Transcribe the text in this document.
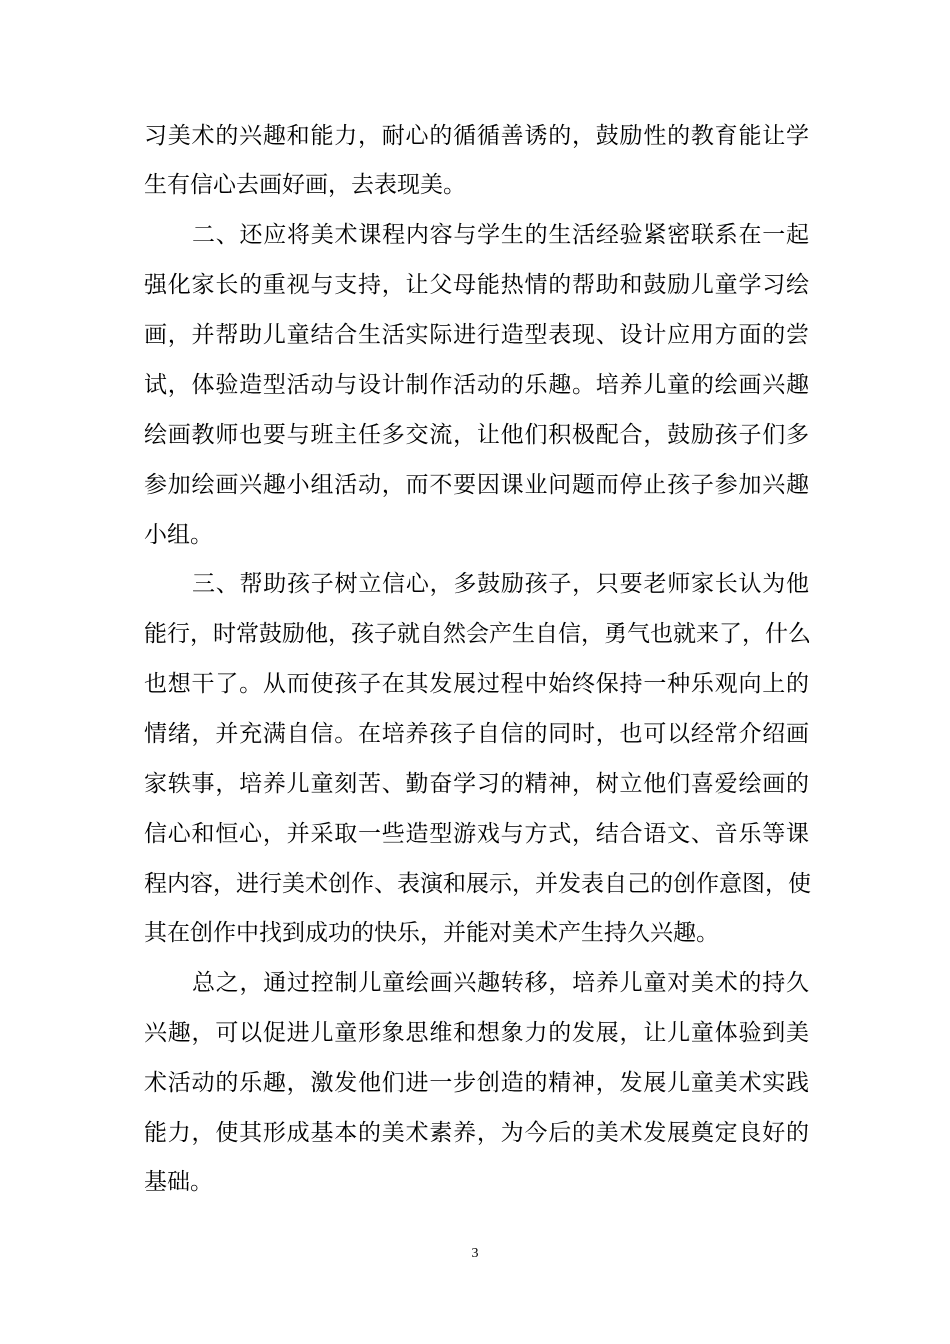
习美术的兴趣和能力，耐心的循循善诱的，鼓励性的教育能让学
生有信心去画好画，去表现美。
二、还应将美术课程内容与学生的生活经验紧密联系在一起
强化家长的重视与支持，让父母能热情的帮助和鼓励儿童学习绘
画，并帮助儿童结合生活实际进行造型表现、设计应用方面的尝
试，体验造型活动与设计制作活动的乐趣。培养儿童的绘画兴趣
绘画教师也要与班主任多交流，让他们积极配合，鼓励孩子们多
参加绘画兴趣小组活动，而不要因课业问题而停止孩子参加兴趣
小组。
三、帮助孩子树立信心，多鼓励孩子，只要老师家长认为他
能行，时常鼓励他，孩子就自然会产生自信，勇气也就来了，什么
也想干了。从而使孩子在其发展过程中始终保持一种乐观向上的
情绪，并充满自信。在培养孩子自信的同时，也可以经常介绍画
家轶事，培养儿童刻苦、勤奋学习的精神，树立他们喜爱绘画的
信心和恒心，并采取一些造型游戏与方式，结合语文、音乐等课
程内容，进行美术创作、表演和展示，并发表自己的创作意图，使
其在创作中找到成功的快乐，并能对美术产生持久兴趣。
总之，通过控制儿童绘画兴趣转移，培养儿童对美术的持久
兴趣，可以促进儿童形象思维和想象力的发展，让儿童体验到美
术活动的乐趣，激发他们进一步创造的精神，发展儿童美术实践
能力，使其形成基本的美术素养，为今后的美术发展奠定良好的
基础。
3
